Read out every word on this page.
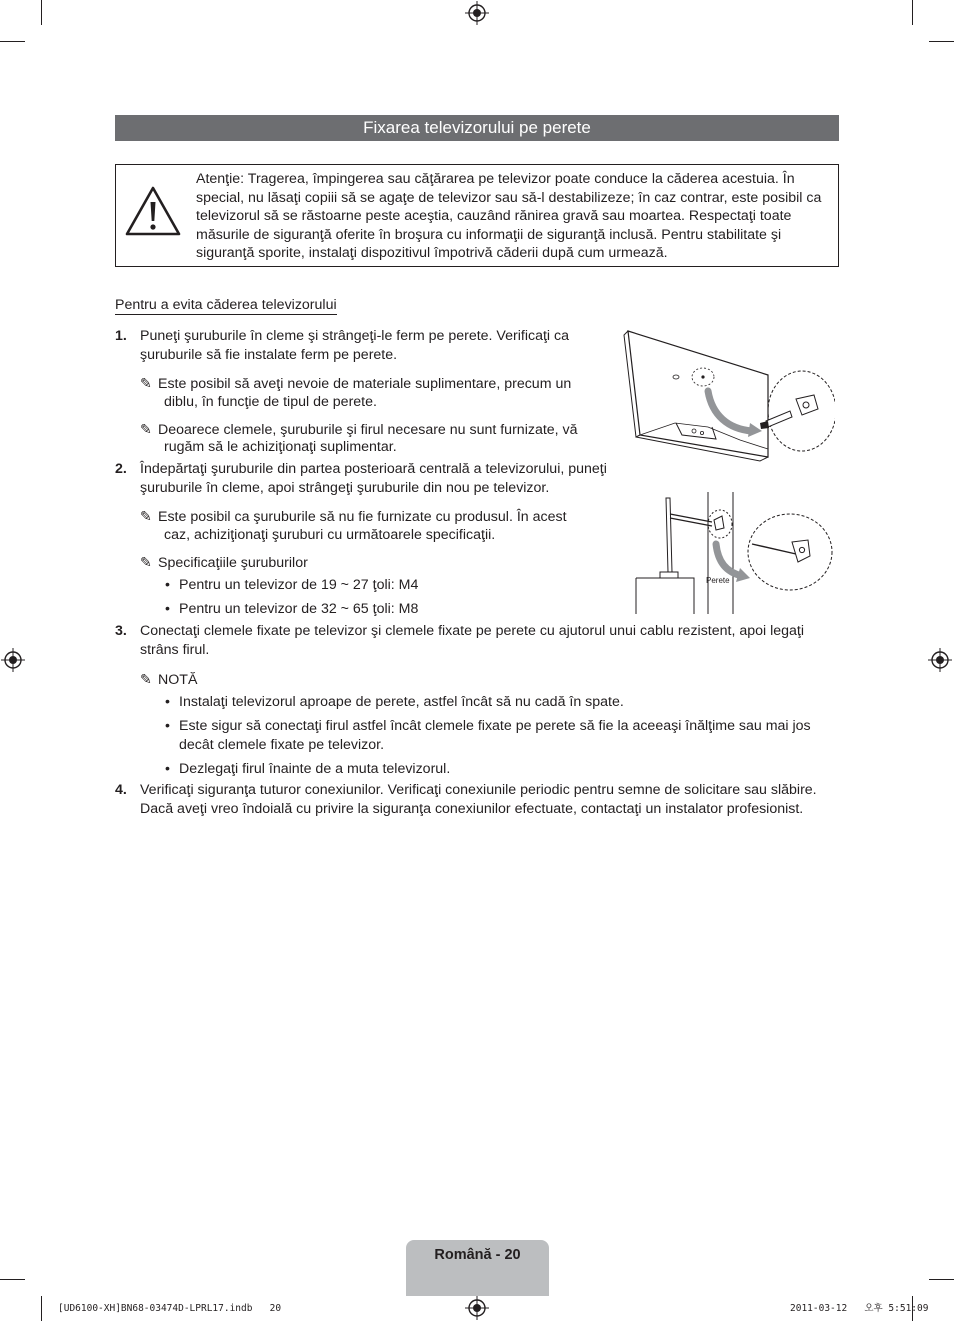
Fixarea televizorului pe perete
Atenţie: Tragerea, împingerea sau căţărarea pe televizor poate conduce la căderea acestuia. În special, nu lăsaţi copiii să se agaţe de televizor sau să-l destabilizeze; în caz contrar, este posibil ca televizorul să se răstoarne peste aceştia, cauzând rănirea gravă sau moartea. Respectaţi toate măsurile de siguranţă oferite în broşura cu informaţii de siguranţă inclusă. Pentru stabilitate şi siguranţă sporite, instalaţi dispozitivul împotrivă căderii după cum urmează.
Pentru a evita căderea televizorului
1. Puneţi şuruburile în cleme şi strângeţi-le ferm pe perete. Verificaţi ca
şuruburile să fie instalate ferm pe perete.
✎ Este posibil să aveţi nevoie de materiale suplimentare, precum un
diblu, în funcţie de tipul de perete.
✎ Deoarece clemele, şuruburile şi firul necesare nu sunt furnizate, vă
rugăm să le achiziţionaţi suplimentar.
2. Îndepărtaţi şuruburile din partea posterioară centrală a televizorului, puneţi
şuruburile în cleme, apoi strângeţi şuruburile din nou pe televizor.
✎ Este posibil ca şuruburile să nu fie furnizate cu produsul. În acest
caz, achiziţionaţi şuruburi cu următoarele specificaţii.
✎ Specificaţiile şuruburilor
• Pentru un televizor de 19 ~ 27 ţoli: M4
• Pentru un televizor de 32 ~ 65 ţoli: M8
3. Conectaţi clemele fixate pe televizor şi clemele fixate pe perete cu ajutorul unui cablu rezistent, apoi legaţi
strâns firul.
✎ NOTĂ
• Instalaţi televizorul aproape de perete, astfel încât să nu cadă în spate.
• Este sigur să conectaţi firul astfel încât clemele fixate pe perete să fie la aceeaşi înălţime sau mai jos
decât clemele fixate pe televizor.
• Dezlegaţi firul înainte de a muta televizorul.
4. Verificaţi siguranţa tuturor conexiunilor. Verificaţi conexiunile periodic pentru semne de solicitare sau slăbire.
Dacă aveţi vreo îndoială cu privire la siguranţa conexiunilor efectuate, contactaţi un instalator profesionist.
Perete
Română - 20
[UD6100-XH]BN68-03474D-LPRL17.indb   20	2011-03-12   오후 5:51:09
